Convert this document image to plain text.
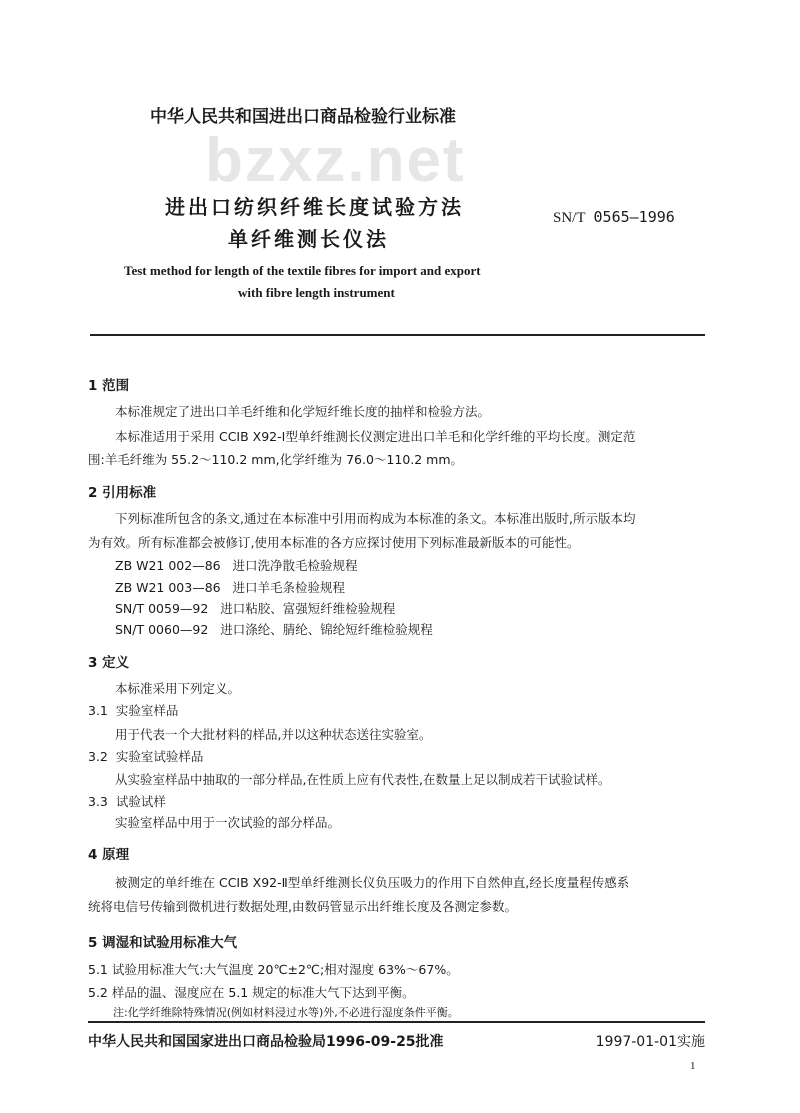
bzxz.net
中华人民共和国进出口商品检验行业标准
进出口纺织纤维长度试验方法
单纤维测长仪法
SN/T 0565—1996
Test method for length of the textile fibres for import and export
with fibre length instrument
1 范围
本标准规定了进出口羊毛纤维和化学短纤维长度的抽样和检验方法。
本标准适用于采用 CCIB X92-Ⅰ型单纤维测长仪测定进出口羊毛和化学纤维的平均长度。测定范
围:羊毛纤维为 55.2～110.2 mm,化学纤维为 76.0～110.2 mm。
2 引用标准
下列标准所包含的条文,通过在本标准中引用而构成为本标准的条文。本标准出版时,所示版本均
为有效。所有标准都会被修订,使用本标准的各方应探讨使用下列标准最新版本的可能性。
ZB W21 002—86 进口洗净散毛检验规程
ZB W21 003—86 进口羊毛条检验规程
SN/T 0059—92 进口粘胶、富强短纤维检验规程
SN/T 0060—92 进口涤纶、腈纶、锦纶短纤维检验规程
3 定义
本标准采用下列定义。
3.1 实验室样品
用于代表一个大批材料的样品,并以这种状态送往实验室。
3.2 实验室试验样品
从实验室样品中抽取的一部分样品,在性质上应有代表性,在数量上足以制成若干试验试样。
3.3 试验试样
实验室样品中用于一次试验的部分样品。
4 原理
被测定的单纤维在 CCIB X92-Ⅱ型单纤维测长仪负压吸力的作用下自然伸直,经长度量程传感系
统将电信号传输到微机进行数据处理,由数码管显示出纤维长度及各测定参数。
5 调湿和试验用标准大气
5.1 试验用标准大气:大气温度 20℃±2℃;相对湿度 63%～67%。
5.2 样品的温、湿度应在 5.1 规定的标准大气下达到平衡。
注:化学纤维除特殊情况(例如材料浸过水等)外,不必进行湿度条件平衡。
中华人民共和国国家进出口商品检验局1996-09-25批准	1997-01-01实施
1
